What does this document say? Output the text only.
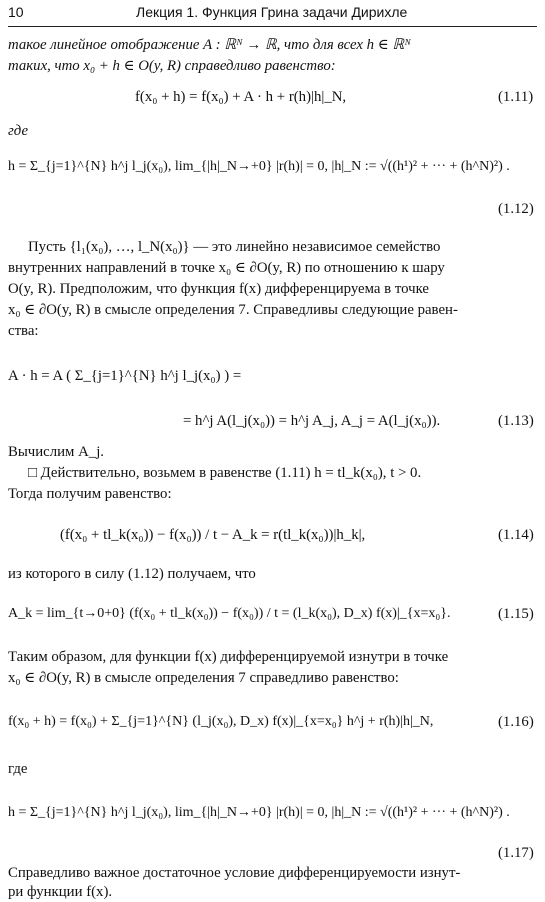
10	Лекция 1. Функция Грина задачи Дирихле
такое линейное отображение A : ℝᴺ → ℝ, что для всех h ∈ ℝᴺ
таких, что x₀ + h ∈ O(y, R) справедливо равенство:
f(x₀ + h) = f(x₀) + A · h + r(h)|h|_N,	(1.11)
где
h = Σ_{j=1}^{N} h^j l_j(x₀), lim_{|h|_N→+0} |r(h)| = 0, |h|_N := √((h¹)² + ··· + (h^N)²) .
(1.12)
Пусть {l₁(x₀), …, l_N(x₀)} — это линейно независимое семейство
внутренних направлений в точке x₀ ∈ ∂O(y, R) по отношению к шару
O(y, R). Предположим, что функция f(x) дифференцируема в точке
x₀ ∈ ∂O(y, R) в смысле определения 7. Справедливы следующие равен-
ства:
A · h = A ( Σ_{j=1}^{N} h^j l_j(x₀) ) =
= h^j A(l_j(x₀)) = h^j A_j, A_j = A(l_j(x₀)).	(1.13)
Вычислим A_j.
□ Действительно, возьмем в равенстве (1.11) h = tl_k(x₀), t > 0.
Тогда получим равенство:
(f(x₀ + tl_k(x₀)) − f(x₀)) / t − A_k = r(tl_k(x₀))|h_k|,	(1.14)
из которого в силу (1.12) получаем, что
A_k = lim_{t→0+0} (f(x₀ + tl_k(x₀)) − f(x₀)) / t = (l_k(x₀), D_x) f(x)|_{x=x₀}.	(1.15)
Таким образом, для функции f(x) дифференцируемой изнутри в точке
x₀ ∈ ∂O(y, R) в смысле определения 7 справедливо равенство:
f(x₀ + h) = f(x₀) + Σ_{j=1}^{N} (l_j(x₀), D_x) f(x)|_{x=x₀} h^j + r(h)|h|_N,	(1.16)
где
h = Σ_{j=1}^{N} h^j l_j(x₀), lim_{|h|_N→+0} |r(h)| = 0, |h|_N := √((h¹)² + ··· + (h^N)²) .
(1.17)
Справедливо важное достаточное условие дифференцируемости изнут-
ри функции f(x).
